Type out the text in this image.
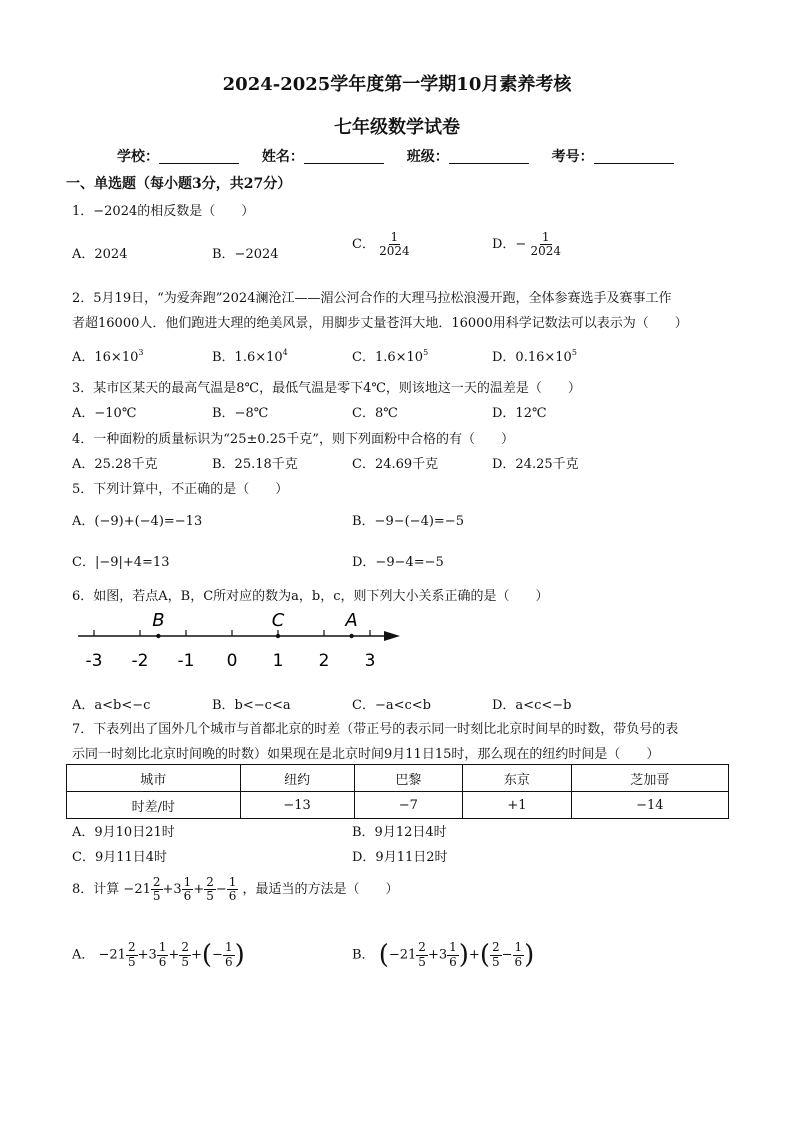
2024-2025学年度第一学期10月素养考核
七年级数学试卷
学校：	姓名：	班级：	考号：
一、单选题（每小题3分，共27分）
1．−2024的相反数是（　　）
A．2024	B．−2024
C． $\frac{1}{2024}$	D．− $\frac{1}{2024}$
2．5月19日，“为爱奔跑”2024澜沧江——湄公河合作的大理马拉松浪漫开跑，全体参赛选手及赛事工作
者超16000人．他们跑进大理的绝美风景，用脚步丈量苍洱大地．16000用科学记数法可以表示为（　　）
A．$16\times 10^3$	B．$1.6\times 10^4$	C．$1.6\times 10^5$	D．$0.16\times 10^5$
3．某市区某天的最高气温是8℃，最低气温是零下4℃，则该地这一天的温差是（　　）
A．−10℃	B．−8℃	C．8℃	D．12℃
4．一种面粉的质量标识为“25±0.25千克”，则下列面粉中合格的有（　　）
A．25.28千克	B．25.18千克	C．24.69千克	D．24.25千克
5．下列计算中，不正确的是（　　）
A．(−9)+(−4)=−13	B．−9−(−4)=−5
C．|−9|+4=13	D．−9−4=−5
6．如图，若点A，B，C所对应的数为a，b，c，则下列大小关系正确的是（　　）
-3 -2 -1 0 1 2 3
B	C	A
A．a<b<−c	B．b<−c<a	C．−a<c<b	D．a<c<−b
7．下表列出了国外几个城市与首都北京的时差（带正号的表示同一时刻比北京时间早的时数，带负号的表
示同一时刻比北京时间晚的时数）如果现在是北京时间9月11日15时，那么现在的纽约时间是（　　）
城市	纽约	巴黎	东京	芝加哥
时差/时	−13	−7	+1	−14
A．9月10日21时	B．9月12日4时
C．9月11日4时	D．9月11日2时
8．计算 $-21 \frac{2}{5} +3 \frac{1}{6} + \frac{2}{5} - \frac{1}{6}$ ，最适当的方法是（　　）
A． $-21 \frac{2}{5} +3 \frac{1}{6} + \frac{2}{5}$ +(− $\frac{1}{6}$ )	B． ($-21 \frac{2}{5} +3 \frac{1}{6}$ )+( $\frac{2}{5} - \frac{1}{6}$ )
